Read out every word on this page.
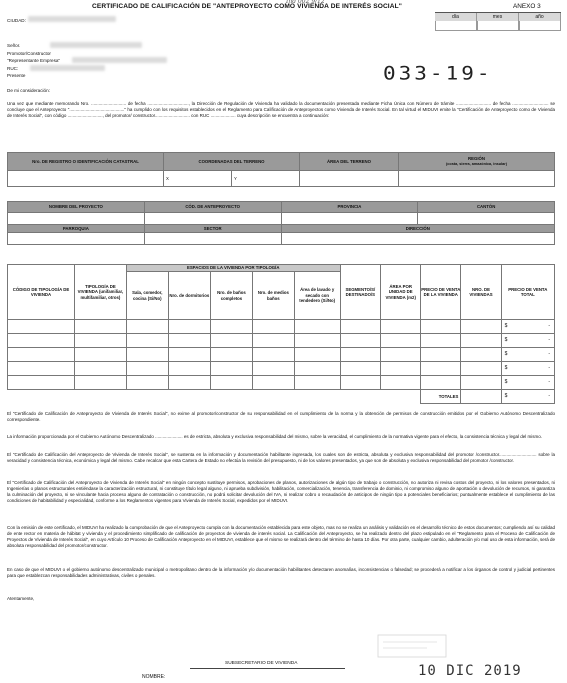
CERTIFICADO DE CALIFICACIÓN DE "ANTEPROYECTO COMO VIVIENDA DE INTERÉS SOCIAL"	ANEXO 3
Ind 002 9/12
día	mes	año
CIUDAD:
Señor.
Promotor/Constructor
"Representante Empresa"
RUC:
Presente	033-19-
De mi consideración:
Una vez que mediante memorando Nro. ............................ de fecha ................................., la Dirección de Regulación de Vivienda ha validado la documentación presentada mediante Ficha Única con Número de trámite ............................ de fecha ............................. se concluye que el Anteproyecto "............................................" ha cumplido con los requisitos establecidos en el Reglamento para Calificación de Anteproyectos como Vivienda de Interés Social. En tal virtud el MIDUVI emite la "Certificación de Anteproyecto como de Vivienda de Interés Social", con código ............................, del promotor/ constructor............................ con RUC .................... cuya descripción se encuentra a continuación:
Nro. DE REGISTRO O IDENTIFICACIÓN CATASTRAL	COORDENADAS DEL TERRENO		ÁREA DEL TERRENO	REGIÓN
(costa, sierra, amazónica, insular)
	X	Y		
NOMBRE DEL PROYECTO	CÓD. DE ANTEPROYECTO	PROVINCIA	CANTÓN

PARROQUIA	SECTOR	DIRECCIÓN	

CÓDIGO DE TIPOLOGÍA DE VIVIENDA	TIPOLOGÍA DE VIVIENDA (unifamiliar, multifamiliar, otros)	ESPACIOS DE LA VIVIENDA POR TIPOLOGÍA					SEGMENTO/S/ DESTINADO/S	ÁREA POR UNIDAD DE VIVIENDA (m2)	PRECIO DE VENTA DE LA VIVIENDA	NRO. DE VIVIENDAS	PRECIO DE VENTA TOTAL
		Sala, comedor, cocina (Si/No)	Nro. de dormitorios	Nro. de baños completos	Nro. de medios baños	Área de lavado y secado con tendedero (Si/No)					
											$ -

											$ -

											$ -

											$ -

											$ -

									TOTALES		$ -
El "Certificado de Calificación de Anteproyecto de Vivienda de Interés Social", no exime al promotor/constructor de su responsabilidad en el cumplimiento de la norma y la obtención de permisos de construcción emitidos por el Gobierno Autónomo Descentralizado correspondiente.
La información proporcionada por el Gobierno Autónomo Descentralizado ...................... es de estricta, absoluta y exclusiva responsabilidad del mismo, sobre la veracidad, el cumplimiento de la normativa vigente para el efecto, la consistencia técnica y legal del mismo.
El "Certificado de Calificación del Anteproyecto de Vivienda de Interés Social", se sustenta en la información y documentación habilitante ingresada, los cuales son de estricta, absoluta y exclusiva responsabilidad del promotor /constructor.............................. sobre la veracidad y consistencia técnica, económica y legal del mismo. Cabe recalcar que esta Cartera de Estado no efectúa la revisión del presupuesto, ni de los valores presentados, ya que son de absoluta y exclusiva responsabilidad del promotor /constructor.
El "Certificado de Calificación del Anteproyecto de Vivienda de Interés Social" en ningún concepto sustituye permisos, aprobaciones de planos, autorizaciones de algún tipo de trabajo o construcción, no autoriza ni revisa costos del proyecto, ni los valores presentados, ni Ingenierías o planos estructurales entiéndase la caracterización estructural, ni constituye título legal alguno, ni aprueba subdivisión, habilitación, comercialización, tenencia, transferencia de dominio, ni compromiso alguno de aportación o devolución de recursos, ni garantiza la culminación del proyecto, ni se vinculante hacia proceso alguno de contratación o construcción, no podrá solicitar devolución del IVA, ni realizar cobro o recaudación de anticipos de ningún tipo a potenciales beneficiarios; puntualmente establece el cumplimiento de las condiciones de habitabilidad y especialidad, conforme a los Reglamentos vigentes para Vivienda de Interés Social, expedidos por el MIDUVI.
Con la emisión de este certificado, el MIDUVI ha realizado la comprobación de que el Anteproyecto cumpla con la documentación establecida para este objeto, mas no se realiza un análisis y validación en el desarrollo técnico de estos documentos; cumpliendo así su calidad de ente rector en materia de hábitat y vivienda y el procedimiento simplificado de calificación de proyectos de vivienda de interés social. La Calificación del Anteproyecto, se ha realizado dentro del plazo estipulado en el "Reglamento para el Proceso de Calificación de Proyectos de Vivienda de Interés Social", en cuyo Artículo 10 Proceso de Calificación Anteproyecto en el MIDUVI, establece que el mismo se realizará dentro del término de hasta 10 días. Por otra parte, cualquier cambio, adulteración y/o mal uso de esta información, será de absoluta responsabilidad del promotor/constructor.
En caso de que el MIDUVI o el gobierno autónomo descentralizado municipal o metropolitano dentro de la información y/o documentación habilitantes detectaren anomalías, inconsistencias o falsedad; se procederá a notificar a los órganos de control y judicial pertinentes para que establezcan responsabilidades administrativas, civiles o penales.
Atentamente,
SUBSECRETARIO DE VIVIENDA
NOMBRE:	10 DIC 2019
